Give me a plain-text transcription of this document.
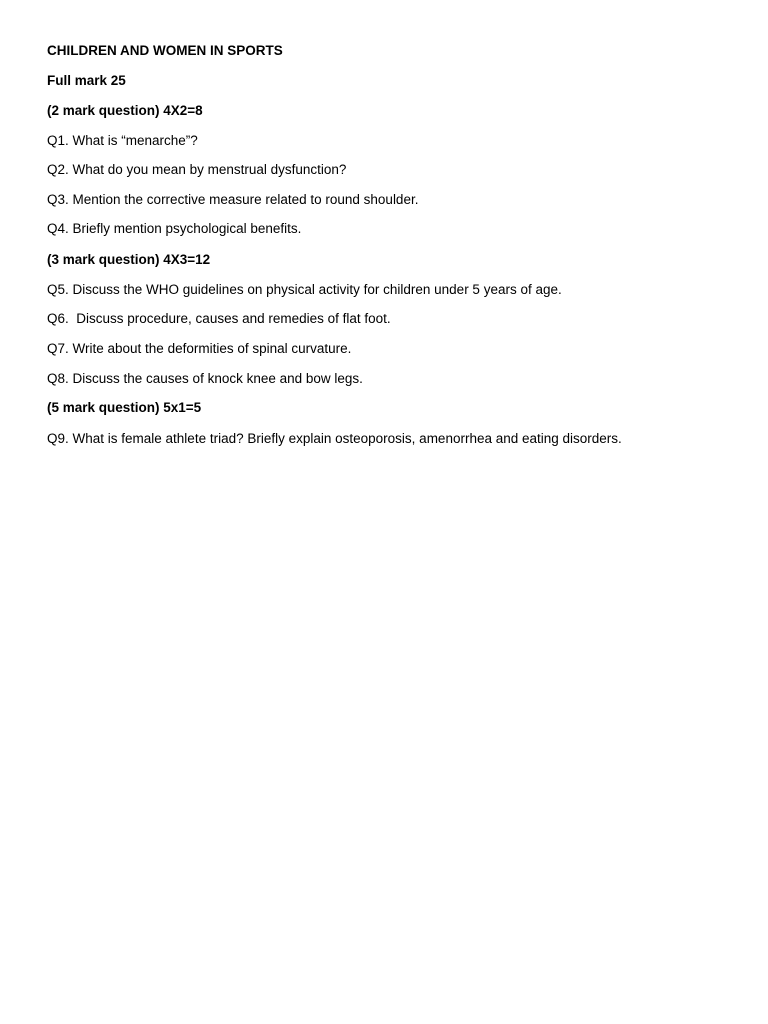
CHILDREN AND WOMEN IN SPORTS
Full mark 25
(2 mark question) 4X2=8
Q1. What is “menarche”?
Q2. What do you mean by menstrual dysfunction?
Q3. Mention the corrective measure related to round shoulder.
Q4. Briefly mention psychological benefits.
(3 mark question) 4X3=12
Q5. Discuss the WHO guidelines on physical activity for children under 5 years of age.
Q6.  Discuss procedure, causes and remedies of flat foot.
Q7. Write about the deformities of spinal curvature.
Q8. Discuss the causes of knock knee and bow legs.
(5 mark question) 5x1=5
Q9. What is female athlete triad? Briefly explain osteoporosis, amenorrhea and eating disorders.
